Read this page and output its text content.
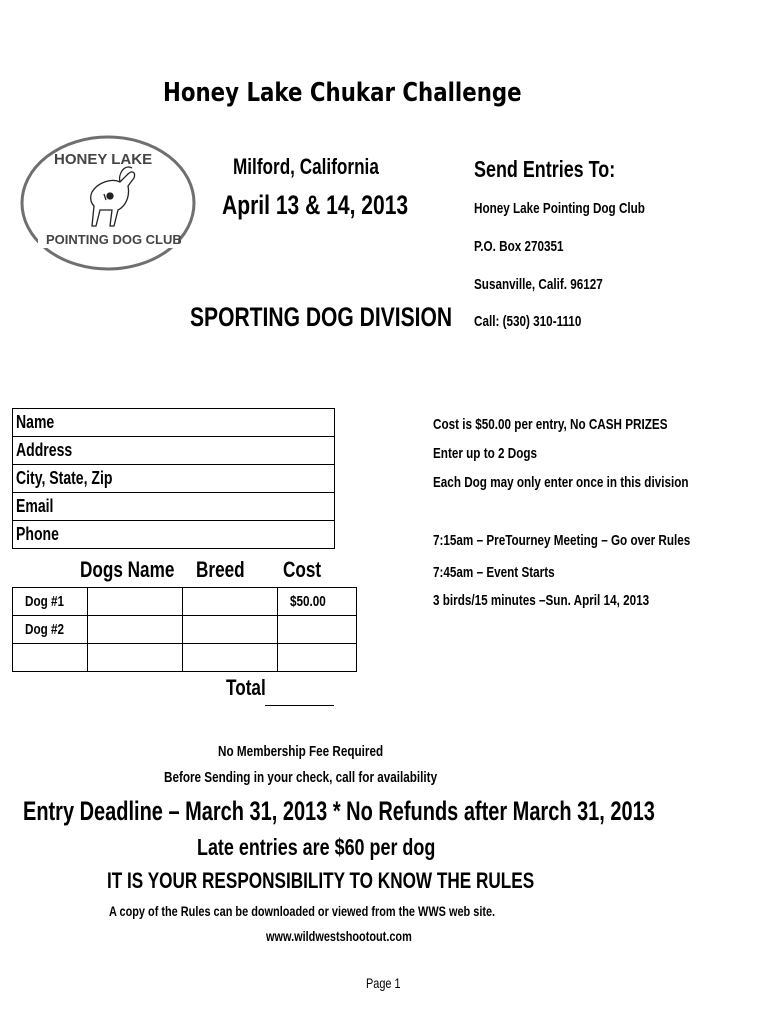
Honey Lake Chukar Challenge
HONEY LAKE
POINTING DOG CLUB
Milford, California
April 13 & 14, 2013
SPORTING DOG DIVISION
Send Entries To:
Honey Lake Pointing Dog Club
P.O. Box 270351
Susanville, Calif. 96127
Call: (530) 310-1110
Name
Address
City, State, Zip
Email
Phone
Dogs Name Breed	Cost
Dog #1			$50.00
Dog #2			

Total
Cost is $50.00 per entry, No CASH PRIZES
Enter up to 2 Dogs
Each Dog may only enter once in this division
7:15am – PreTourney Meeting – Go over Rules
7:45am – Event Starts
3 birds/15 minutes –Sun. April 14, 2013
No Membership Fee Required
Before Sending in your check, call for availability
Entry Deadline – March 31, 2013 * No Refunds after March 31, 2013
Late entries are $60 per dog
IT IS YOUR RESPONSIBILITY TO KNOW THE RULES
A copy of the Rules can be downloaded or viewed from the WWS web site.
www.wildwestshootout.com
Page 1
